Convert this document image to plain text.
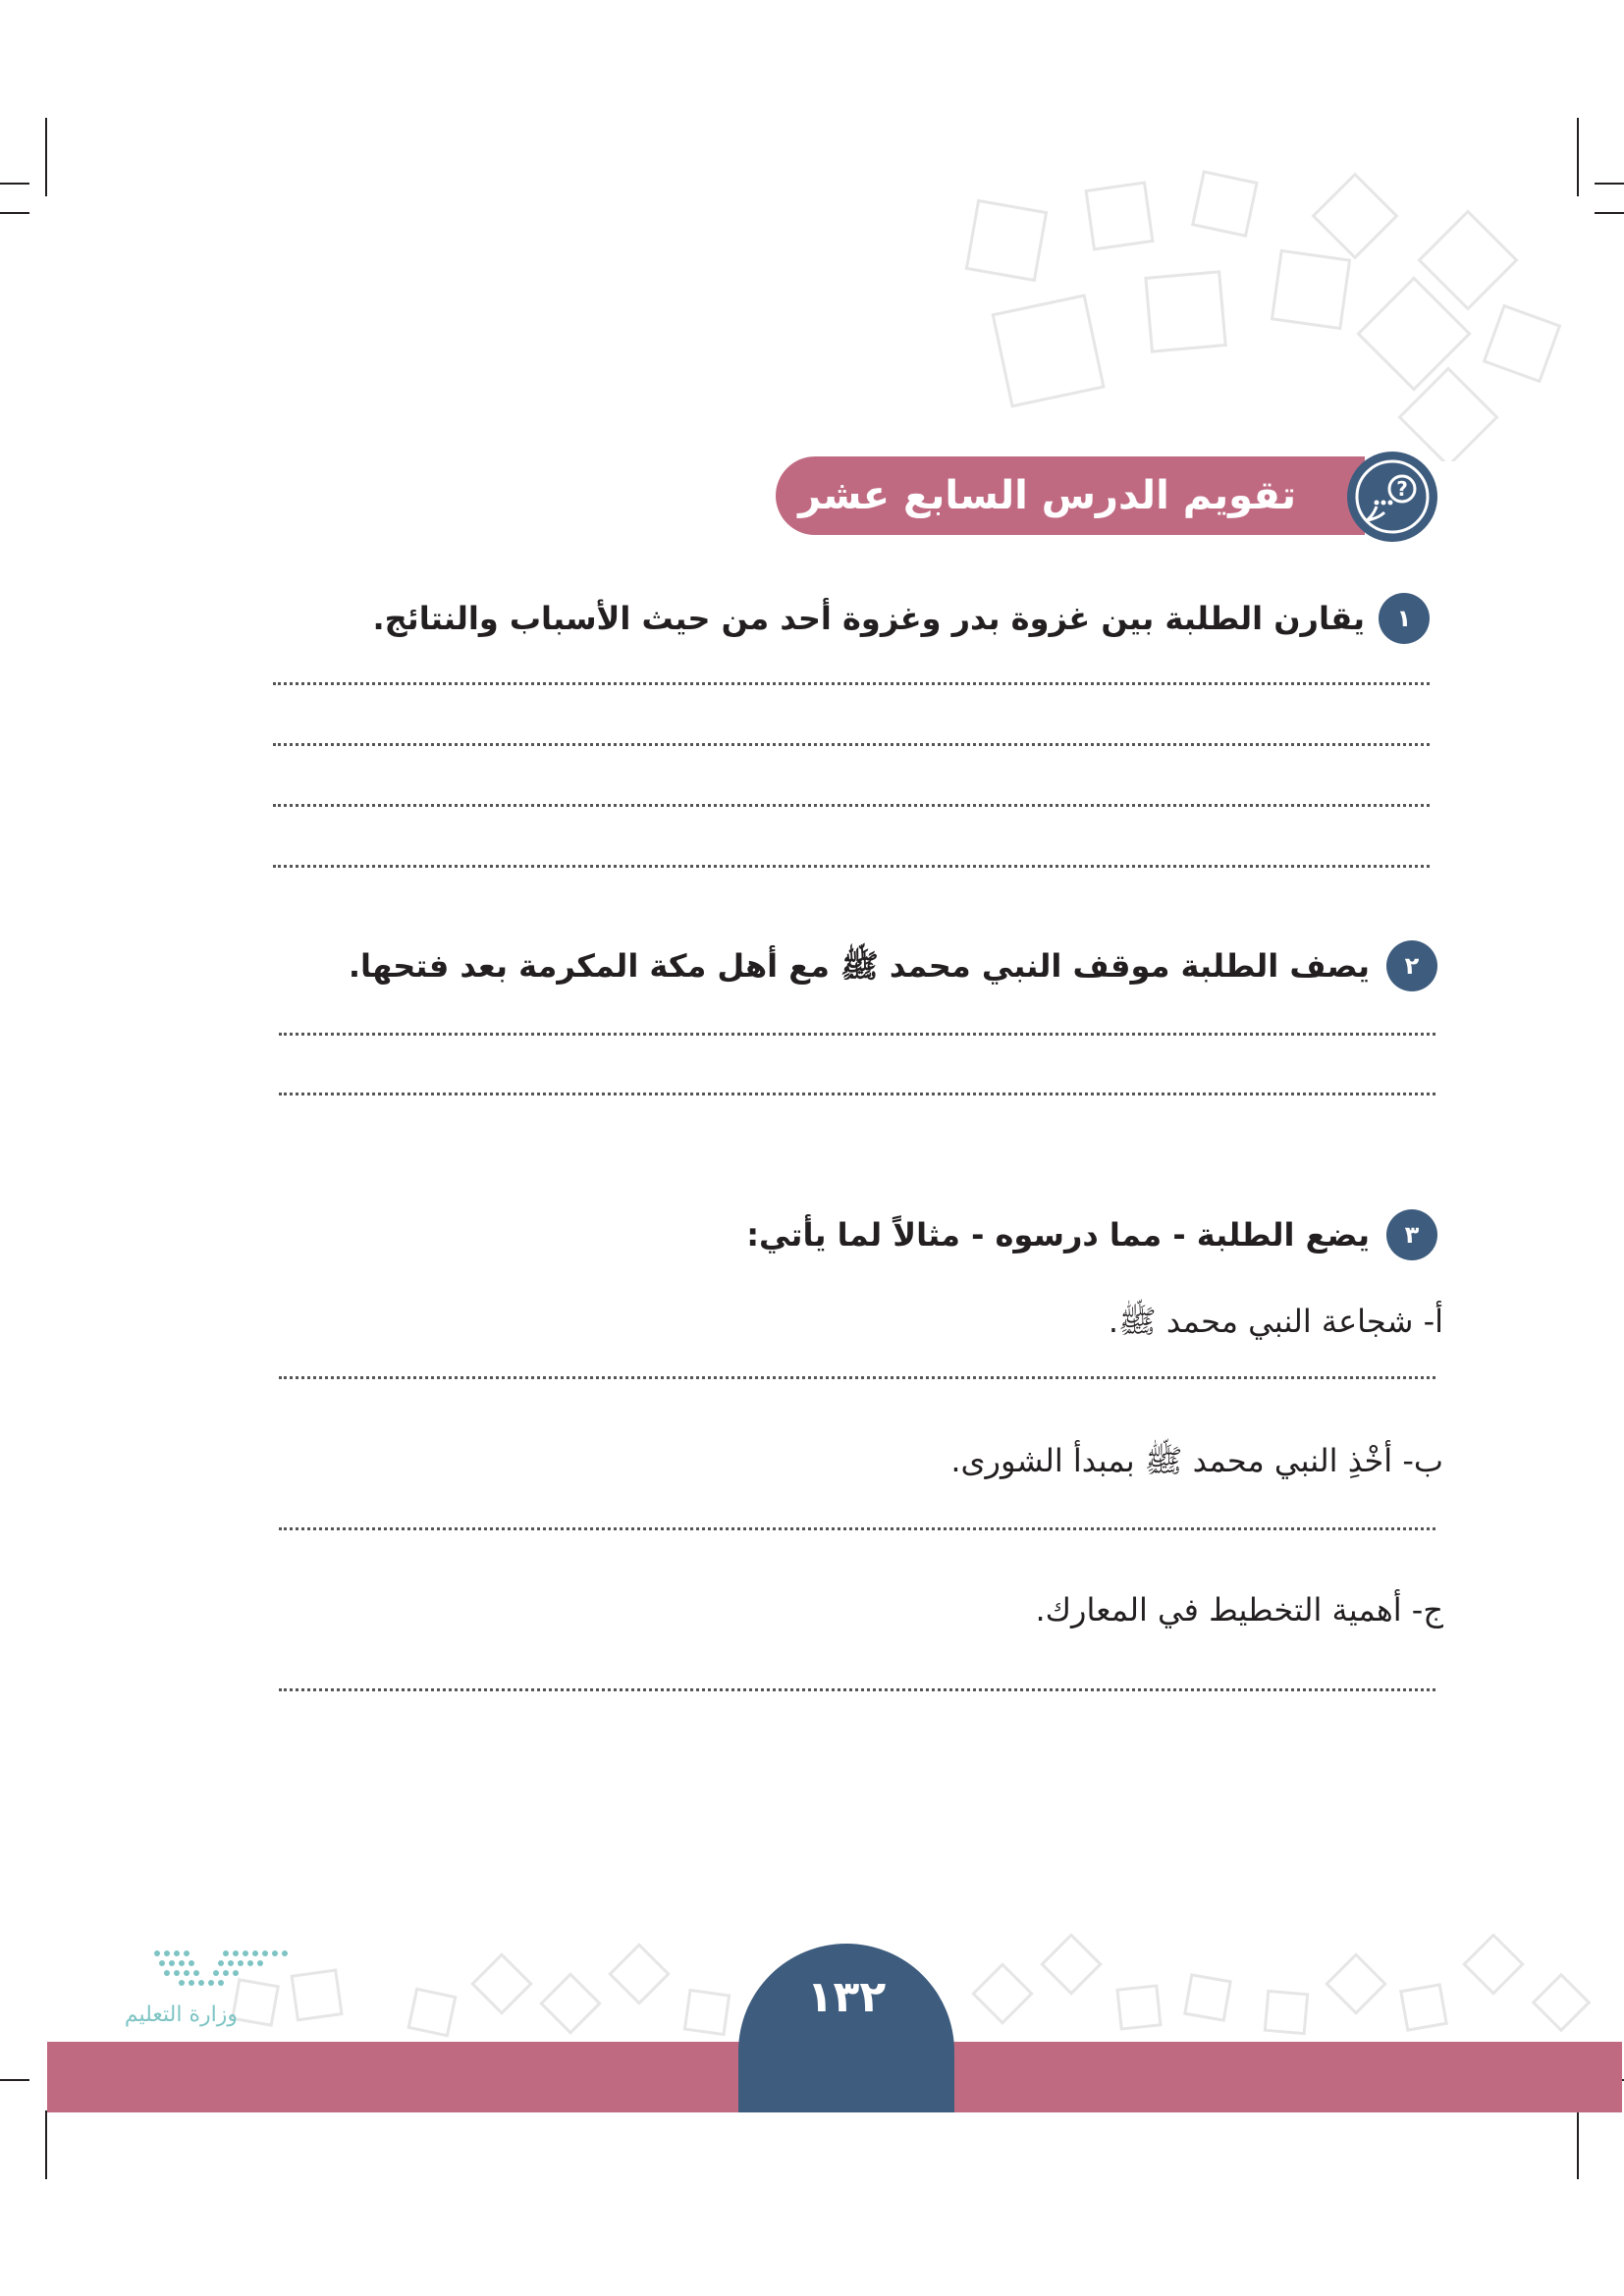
?
تقويم الدرس السابع عشر
١
يقارن الطلبة بين غزوة بدر وغزوة أحد من حيث الأسباب والنتائج.
٢
يصف الطلبة موقف النبي محمد ﷺ مع أهل مكة المكرمة بعد فتحها.
٣
يضع الطلبة - مما درسوه - مثالاً لما يأتي:
أ- شجاعة النبي محمد ﷺ.
ب- أخْذِ النبي محمد ﷺ بمبدأ الشورى.
ج- أهمية التخطيط في المعارك.
وزارة التعليم	١٣٢
